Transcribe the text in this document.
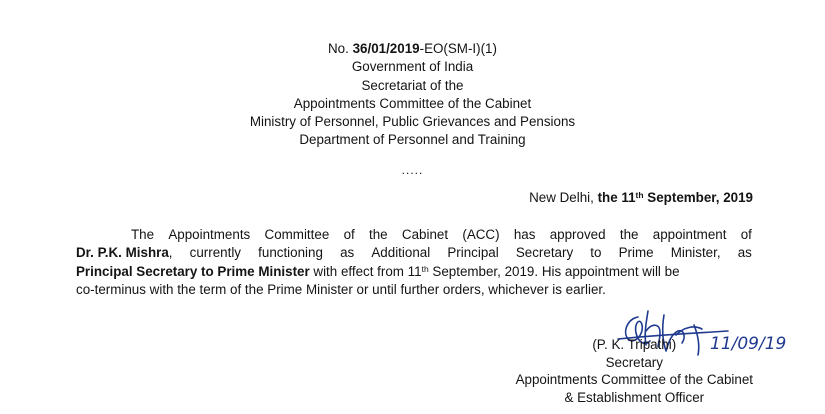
No. 36/01/2019-EO(SM-I)(1)
Government of India
Secretariat of the
Appointments Committee of the Cabinet
Ministry of Personnel, Public Grievances and Pensions
Department of Personnel and Training
.....
New Delhi, the 11th September, 2019
The Appointments Committee of the Cabinet (ACC) has approved the appointment of
Dr. P.K. Mishra, currently functioning as Additional Principal Secretary to Prime Minister, as
Principal Secretary to Prime Minister with effect from 11th September, 2019. His appointment will be
co-terminus with the term of the Prime Minister or until further orders, whichever is earlier.
11/09/19
(P. K. Tripathi)
Secretary
Appointments Committee of the Cabinet
& Establishment Officer
